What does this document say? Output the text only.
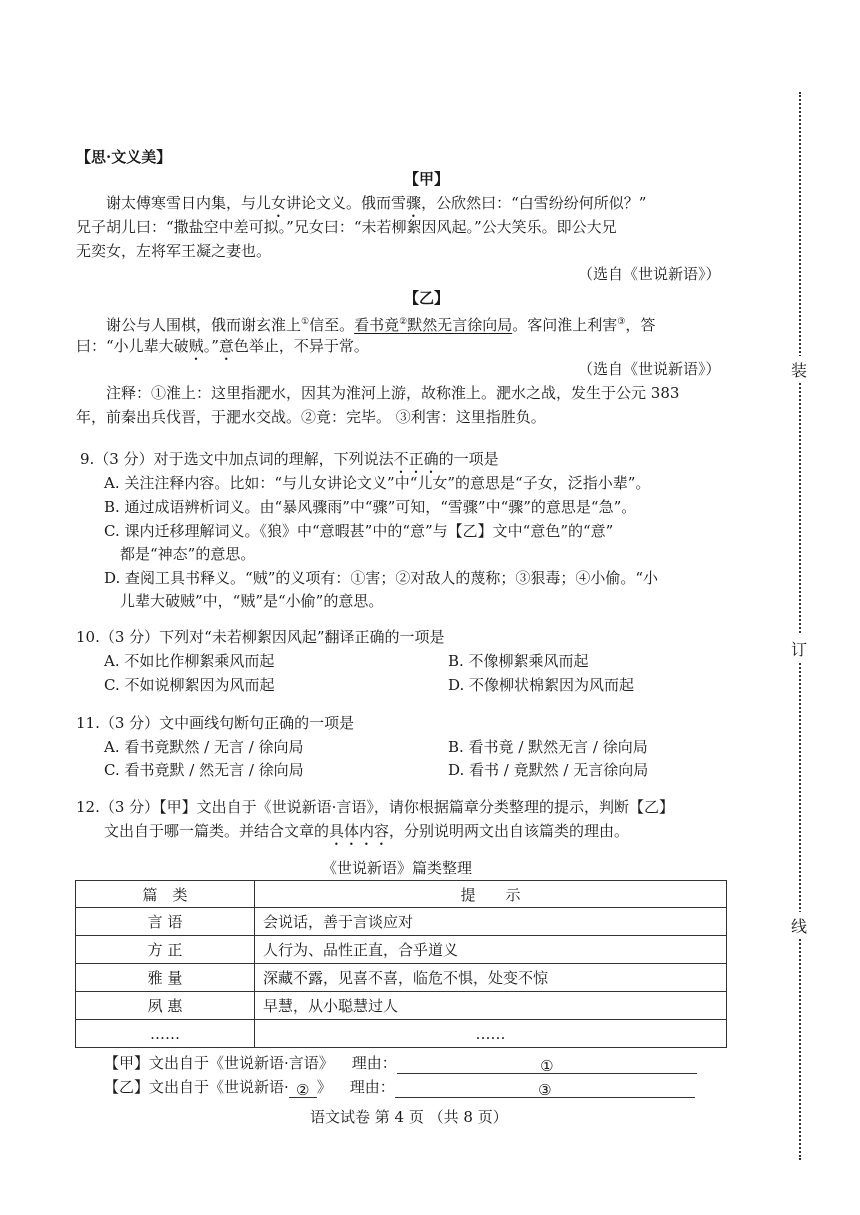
装
订
线
【思·文义美】
【甲】
谢太傅寒雪日内集，与儿女讲论文义。俄而雪骤，公欣然曰：“白雪纷纷何所似？”
兄子胡儿曰：“撒盐空中差可拟。”兄女曰：“未若柳絮因风起。”公大笑乐。即公大兄
无奕女，左将军王凝之妻也。
（选自《世说新语》）
【乙】
谢公与人围棋，俄而谢玄淮上①信至。看书竟②默然无言徐向局。客问淮上利害③，答
曰：“小儿辈大破贼。”意色举止，不异于常。
（选自《世说新语》）
注释：①淮上：这里指淝水，因其为淮河上游，故称淮上。淝水之战，发生于公元 383
年，前秦出兵伐晋，于淝水交战。②竟：完毕。 ③利害：这里指胜负。
9.（3 分）对于选文中加点词的理解，下列说法不正确的一项是
A. 关注注释内容。比如：“与儿女讲论文义”中“儿女”的意思是“子女，泛指小辈”。
B. 通过成语辨析词义。由“暴风骤雨”中“骤”可知，“雪骤”中“骤”的意思是“急”。
C. 课内迁移理解词义。《狼》中“意暇甚”中的“意”与【乙】文中“意色”的“意”
都是“神态”的意思。
D. 查阅工具书释义。“贼”的义项有：①害；②对敌人的蔑称；③狠毒；④小偷。“小
儿辈大破贼”中，“贼”是“小偷”的意思。
10.（3 分）下列对“未若柳絮因风起”翻译正确的一项是
A. 不如比作柳絮乘风而起	B. 不像柳絮乘风而起
C. 不如说柳絮因为风而起	D. 不像柳状棉絮因为风而起
11.（3 分）文中画线句断句正确的一项是
A. 看书竟默然 / 无言 / 徐向局	B. 看书竟 / 默然无言 / 徐向局
C. 看书竟默 / 然无言 / 徐向局	D. 看书 / 竟默然 / 无言徐向局
12.（3 分）【甲】文出自于《世说新语·言语》，请你根据篇章分类整理的提示，判断【乙】
文出自于哪一篇类。并结合文章的具体内容，分别说明两文出自该篇类的理由。
《世说新语》篇类整理
篇　类	提　　示
言 语	会说话，善于言谈应对
方 正	人行为、品性正直，合乎道义
雅 量	深藏不露，见喜不喜，临危不惧，处变不惊
夙 惠	早慧，从小聪慧过人
……	……
【甲】文出自于《世说新语·言语》 理由：	①
【乙】文出自于《世说新语· ② 》 理由：	③
语文试卷 第 4 页 （共 8 页）
